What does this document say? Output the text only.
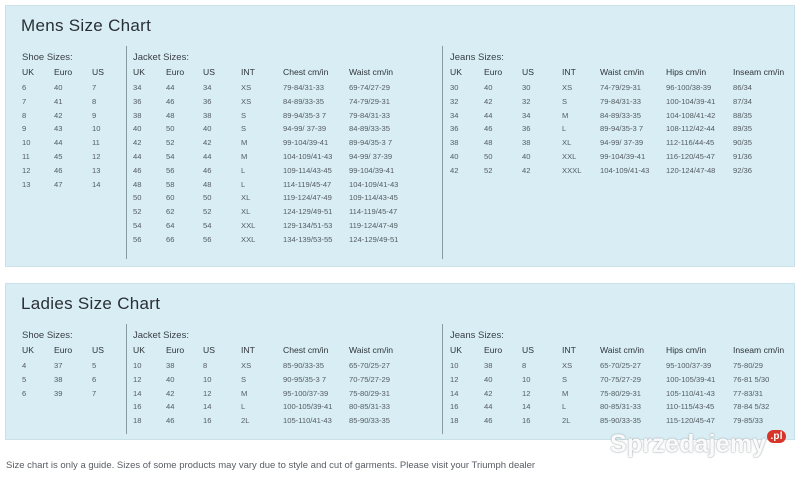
Mens Size Chart
Shoe Sizes:
UK Euro US
6	40	7
7	41	8
8	42	9
9	43	10
10	44	11
11	45	12
12	46	13
13	47	14
Jacket Sizes:
UK Euro US	INT	Chest cm/in Waist cm/in
34	44	34	XS	79-84/31-33	69-74/27-29
36	46	36	XS	84-89/33-35	74-79/29-31
38	48	38	S	89-94/35-3 7	79-84/31-33
40	50	40	S	94-99/ 37-39	84-89/33-35
42	52	42	M	99-104/39-41	89-94/35-3 7
44	54	44	M	104-109/41-43 94-99/ 37-39
46	56	46	L	109-114/43-45 99-104/39-41
48	58	48	L	114-119/45-47 104-109/41-43
50	60	50	XL	119-124/47-49 109-114/43-45
52	62	52	XL	124-129/49-51 114-119/45-47
54	64	54	XXL	129-134/51-53 119-124/47-49
56	66	56	XXL	134-139/53-55 124-129/49-51
Jeans Sizes:
UK	Euro US	INT	Waist cm/in	Hips cm/in	Inseam cm/in
30	40	30	XS	74-79/29-31	96-100/38-39	86/34
32	42	32	S	79-84/31-33	100-104/39-41 87/34
34	44	34	M	84-89/33-35	104-108/41-42 88/35
36	46	36	L	89-94/35-3 7	108-112/42-44 89/35
38	48	38	XL	94-99/ 37-39	112-116/44-45 90/35
40	50	40	XXL	99-104/39-41	116-120/45-47 91/36
42	52	42	XXXL 104-109/41-43 120-124/47-48 92/36
Ladies Size Chart
Shoe Sizes:
UK Euro US
4	37	5
5	38	6
6	39	7
Jacket Sizes:
UK Euro US	INT	Chest cm/in Waist cm/in
10	38	8	XS	85-90/33-35	65-70/25-27
12	40	10	S	90-95/35-3 7	70-75/27-29
14	42	12	M	95-100/37-39	75-80/29-31
16	44	14	L	100-105/39-41 80-85/31-33
18	46	16	2L	105-110/41-43 85-90/33-35
Jeans Sizes:
UK	Euro US	INT	Waist cm/in	Hips cm/in	Inseam cm/in
10	38	8	XS	65-70/25-27	95-100/37-39	75-80/29
12	40	10	S	70-75/27-29	100-105/39-41 76-81 5/30
14	42	12	M	75-80/29-31	105-110/41-43 77-83/31
16	44	14	L	80-85/31-33	110-115/43-45 78-84 5/32
18	46	16	2L	85-90/33-35	115-120/45-47 79-85/33
Size chart is only a guide. Sizes of some products may vary due to style and cut of garments. Please visit your Triumph dealer
Sprzedajemy .pl
